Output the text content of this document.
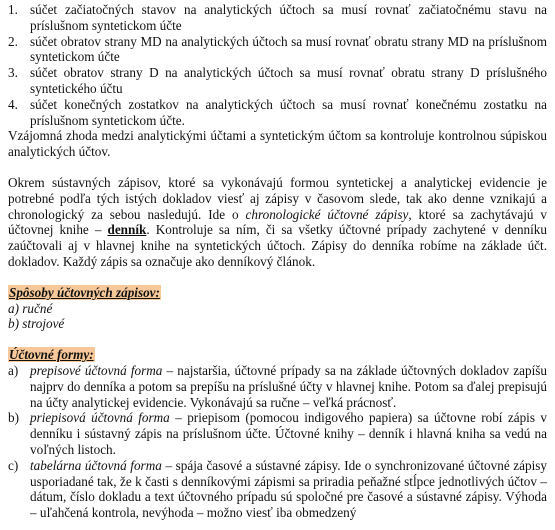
1. súčet začiatočných stavov na analytických účtoch sa musí rovnať začiatočnému stavu na príslušnom syntetickom účte
2. súčet obratov strany MD na analytických účtoch sa musí rovnať obratu strany MD na príslušnom syntetickom účte
3. súčet obratov strany D na analytických účtoch sa musí rovnať obratu strany D príslušného syntetického účtu
4. súčet konečných zostatkov na analytických účtoch sa musí rovnať konečnému zostatku na príslušnom syntetickom účte.

Vzájomná zhoda medzi analytickými účtami a syntetickým účtom sa kontroluje kontrolnou súpiskou analytických účtov.

Okrem sústavných zápisov, ktoré sa vykonávajú formou syntetickej a analytickej evidencie je potrebné podľa tých istých dokladov viesť aj zápisy v časovom slede, tak ako denne vznikajú a chronologický za sebou nasledujú. Ide o chronologické účtovné zápisy, ktoré sa zachytávajú v účtovnej knihe – denník. Kontroluje sa ním, či sa všetky účtovné prípady zachytené v denníku zaúčtovali aj v hlavnej knihe na syntetických účtoch. Zápisy do denníka robíme na základe účt. dokladov. Každý zápis sa označuje ako denníkový článok.

Spôsoby účtovných zápisov:

a) ručné
b) strojové

Účtovné formy:

a) prepisové účtovná forma – najstaršia, účtovné prípady sa na základe účtovných dokladov zapíšu najprv do denníka a potom sa prepíšu na príslušné účty v hlavnej knihe. Potom sa ďalej prepisujú na účty analytickej evidencie. Vykonávajú sa ručne – veľká prácnosť.
b) priepisová účtovná forma – priepisom (pomocou indigového papiera) sa účtovne robí zápis v denníku i sústavný zápis na príslušnom účte. Účtovné knihy – denník i hlavná kniha sa vedú na voľných listoch.
c) tabelárna účtovná forma – spája časové a sústavné zápisy. Ide o synchronizované účtovné zápisy usporiadané tak, že k časti s denníkovými zápismi sa priradia peňažné stĺpce jednotlivých účtov – dátum, číslo dokladu a text účtovného prípadu sú spoločné pre časové a sústavné zápisy. Výhoda – uľahčená kontrola, nevýhoda – možno viesť iba obmedzený
